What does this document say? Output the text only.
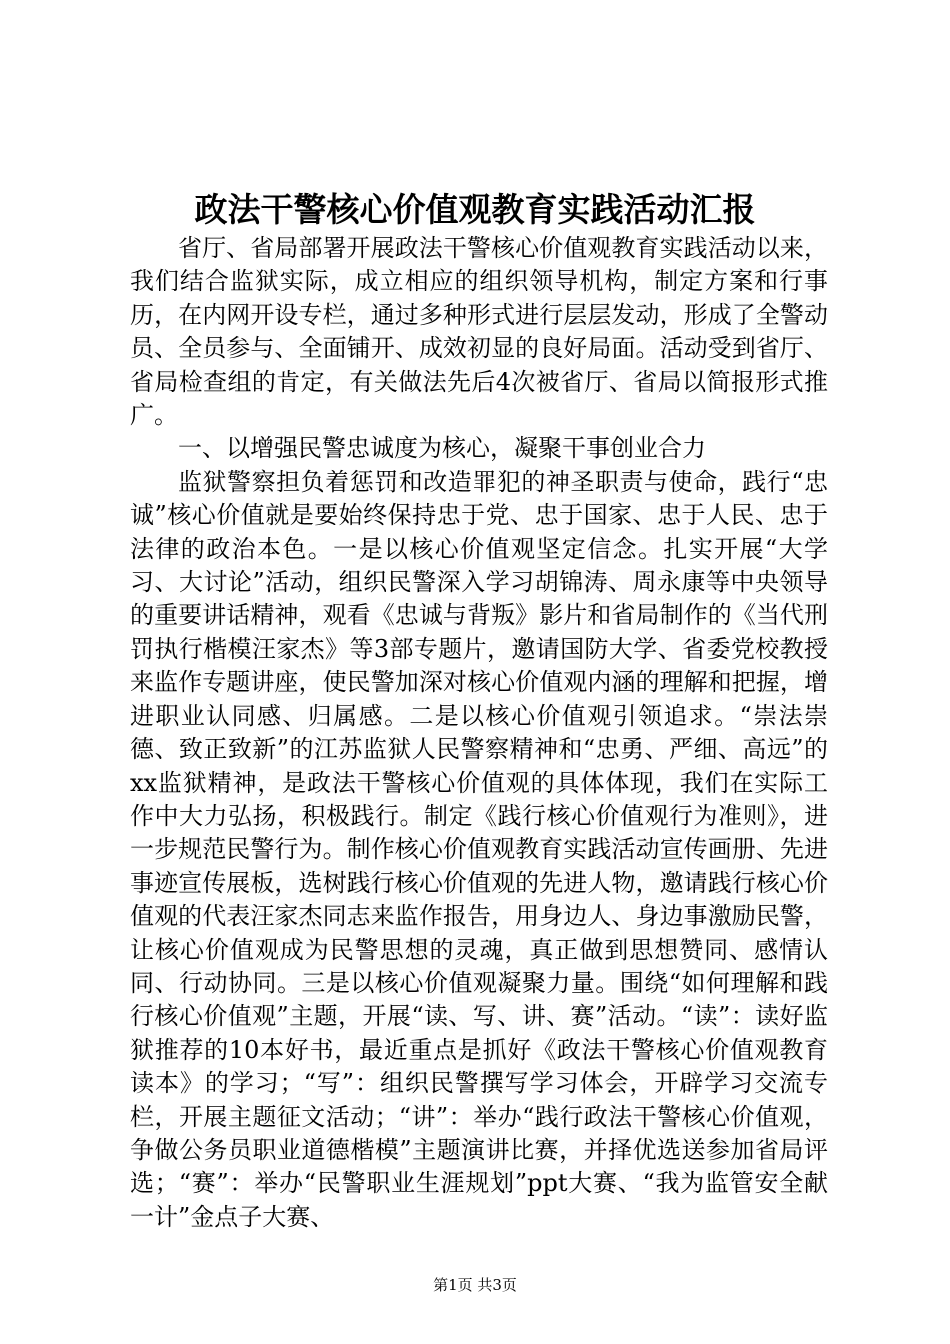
政法干警核心价值观教育实践活动汇报

省厅、省局部署开展政法干警核心价值观教育实践活动以来，我们结合监狱实际，成立相应的组织领导机构，制定方案和行事历，在内网开设专栏，通过多种形式进行层层发动，形成了全警动员、全员参与、全面铺开、成效初显的良好局面。活动受到省厅、省局检查组的肯定，有关做法先后4次被省厅、省局以简报形式推广。

一、以增强民警忠诚度为核心，凝聚干事创业合力

监狱警察担负着惩罚和改造罪犯的神圣职责与使命，践行“忠诚”核心价值就是要始终保持忠于党、忠于国家、忠于人民、忠于法律的政治本色。一是以核心价值观坚定信念。扎实开展“大学习、大讨论”活动，组织民警深入学习胡锦涛、周永康等中央领导的重要讲话精神，观看《忠诚与背叛》影片和省局制作的《当代刑罚执行楷模汪家杰》等3部专题片，邀请国防大学、省委党校教授来监作专题讲座，使民警加深对核心价值观内涵的理解和把握，增进职业认同感、归属感。二是以核心价值观引领追求。“崇法崇德、致正致新”的江苏监狱人民警察精神和“忠勇、严细、高远”的xx监狱精神，是政法干警核心价值观的具体体现，我们在实际工作中大力弘扬，积极践行。制定《践行核心价值观行为准则》，进一步规范民警行为。制作核心价值观教育实践活动宣传画册、先进事迹宣传展板，选树践行核心价值观的先进人物，邀请践行核心价值观的代表汪家杰同志来监作报告，用身边人、身边事激励民警，让核心价值观成为民警思想的灵魂，真正做到思想赞同、感情认同、行动协同。三是以核心价值观凝聚力量。围绕“如何理解和践行核心价值观”主题，开展“读、写、讲、赛”活动。“读”：读好监狱推荐的10本好书，最近重点是抓好《政法干警核心价值观教育读本》的学习；“写”：组织民警撰写学习体会，开辟学习交流专栏，开展主题征文活动；“讲”：举办“践行政法干警核心价值观，争做公务员职业道德楷模”主题演讲比赛，并择优选送参加省局评选；“赛”：举办“民警职业生涯规划”ppt大赛、“我为监管安全献一计”金点子大赛、

第1页 共3页
